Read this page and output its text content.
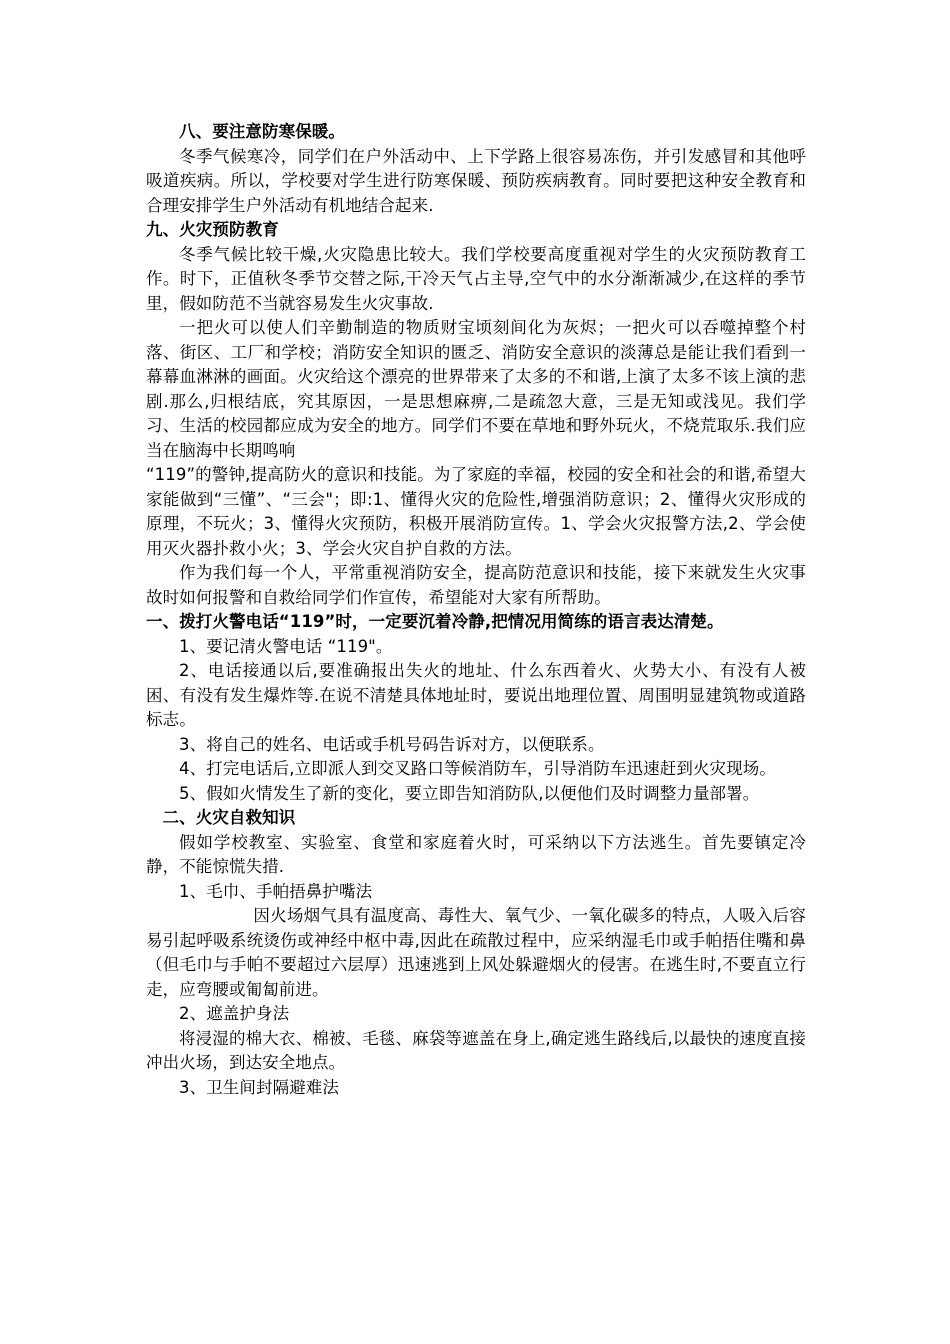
八、要注意防寒保暖。

冬季气候寒冷，同学们在户外活动中、上下学路上很容易冻伤，并引发感冒和其他呼吸道疾病。所以，学校要对学生进行防寒保暖、预防疾病教育。同时要把这种安全教育和合理安排学生户外活动有机地结合起来.

九、火灾预防教育

冬季气候比较干燥,火灾隐患比较大。我们学校要高度重视对学生的火灾预防教育工作。时下，正值秋冬季节交替之际,干冷天气占主导,空气中的水分渐渐减少,在这样的季节里，假如防范不当就容易发生火灾事故.

一把火可以使人们辛勤制造的物质财宝顷刻间化为灰烬；一把火可以吞噬掉整个村落、街区、工厂和学校；消防安全知识的匮乏、消防安全意识的淡薄总是能让我们看到一幕幕血淋淋的画面。火灾给这个漂亮的世界带来了太多的不和谐,上演了太多不该上演的悲剧.那么,归根结底，究其原因，一是思想麻痹,二是疏忽大意，三是无知或浅见。我们学习、生活的校园都应成为安全的地方。同学们不要在草地和野外玩火，不烧荒取乐.我们应当在脑海中长期鸣响

“119”的警钟,提高防火的意识和技能。为了家庭的幸福，校园的安全和社会的和谐,希望大家能做到“三懂”、“三会"；即:1、懂得火灾的危险性,增强消防意识；2、懂得火灾形成的原理，不玩火；3、懂得火灾预防，积极开展消防宣传。1、学会火灾报警方法,2、学会使用灭火器扑救小火；3、学会火灾自护自救的方法。

作为我们每一个人，平常重视消防安全，提高防范意识和技能，接下来就发生火灾事故时如何报警和自救给同学们作宣传，希望能对大家有所帮助。

一、拨打火警电话“119”时，一定要沉着冷静,把情况用简练的语言表达清楚。

1、要记清火警电话 “119"。

2、电话接通以后,要准确报出失火的地址、什么东西着火、火势大小、有没有人被困、有没有发生爆炸等.在说不清楚具体地址时，要说出地理位置、周围明显建筑物或道路标志。

3、将自己的姓名、电话或手机号码告诉对方，以便联系。

4、打完电话后,立即派人到交叉路口等候消防车，引导消防车迅速赶到火灾现场。

5、假如火情发生了新的变化，要立即告知消防队,以便他们及时调整力量部署。

二、火灾自救知识

假如学校教室、实验室、食堂和家庭着火时，可采纳以下方法逃生。首先要镇定冷静，不能惊慌失措.

1、毛巾、手帕捂鼻护嘴法

因火场烟气具有温度高、毒性大、氧气少、一氧化碳多的特点，人吸入后容易引起呼吸系统烫伤或神经中枢中毒,因此在疏散过程中，应采纳湿毛巾或手帕捂住嘴和鼻（但毛巾与手帕不要超过六层厚）迅速逃到上风处躲避烟火的侵害。在逃生时,不要直立行走，应弯腰或匍匐前进。

2、遮盖护身法

将浸湿的棉大衣、棉被、毛毯、麻袋等遮盖在身上,确定逃生路线后,以最快的速度直接冲出火场，到达安全地点。

3、卫生间封隔避难法
